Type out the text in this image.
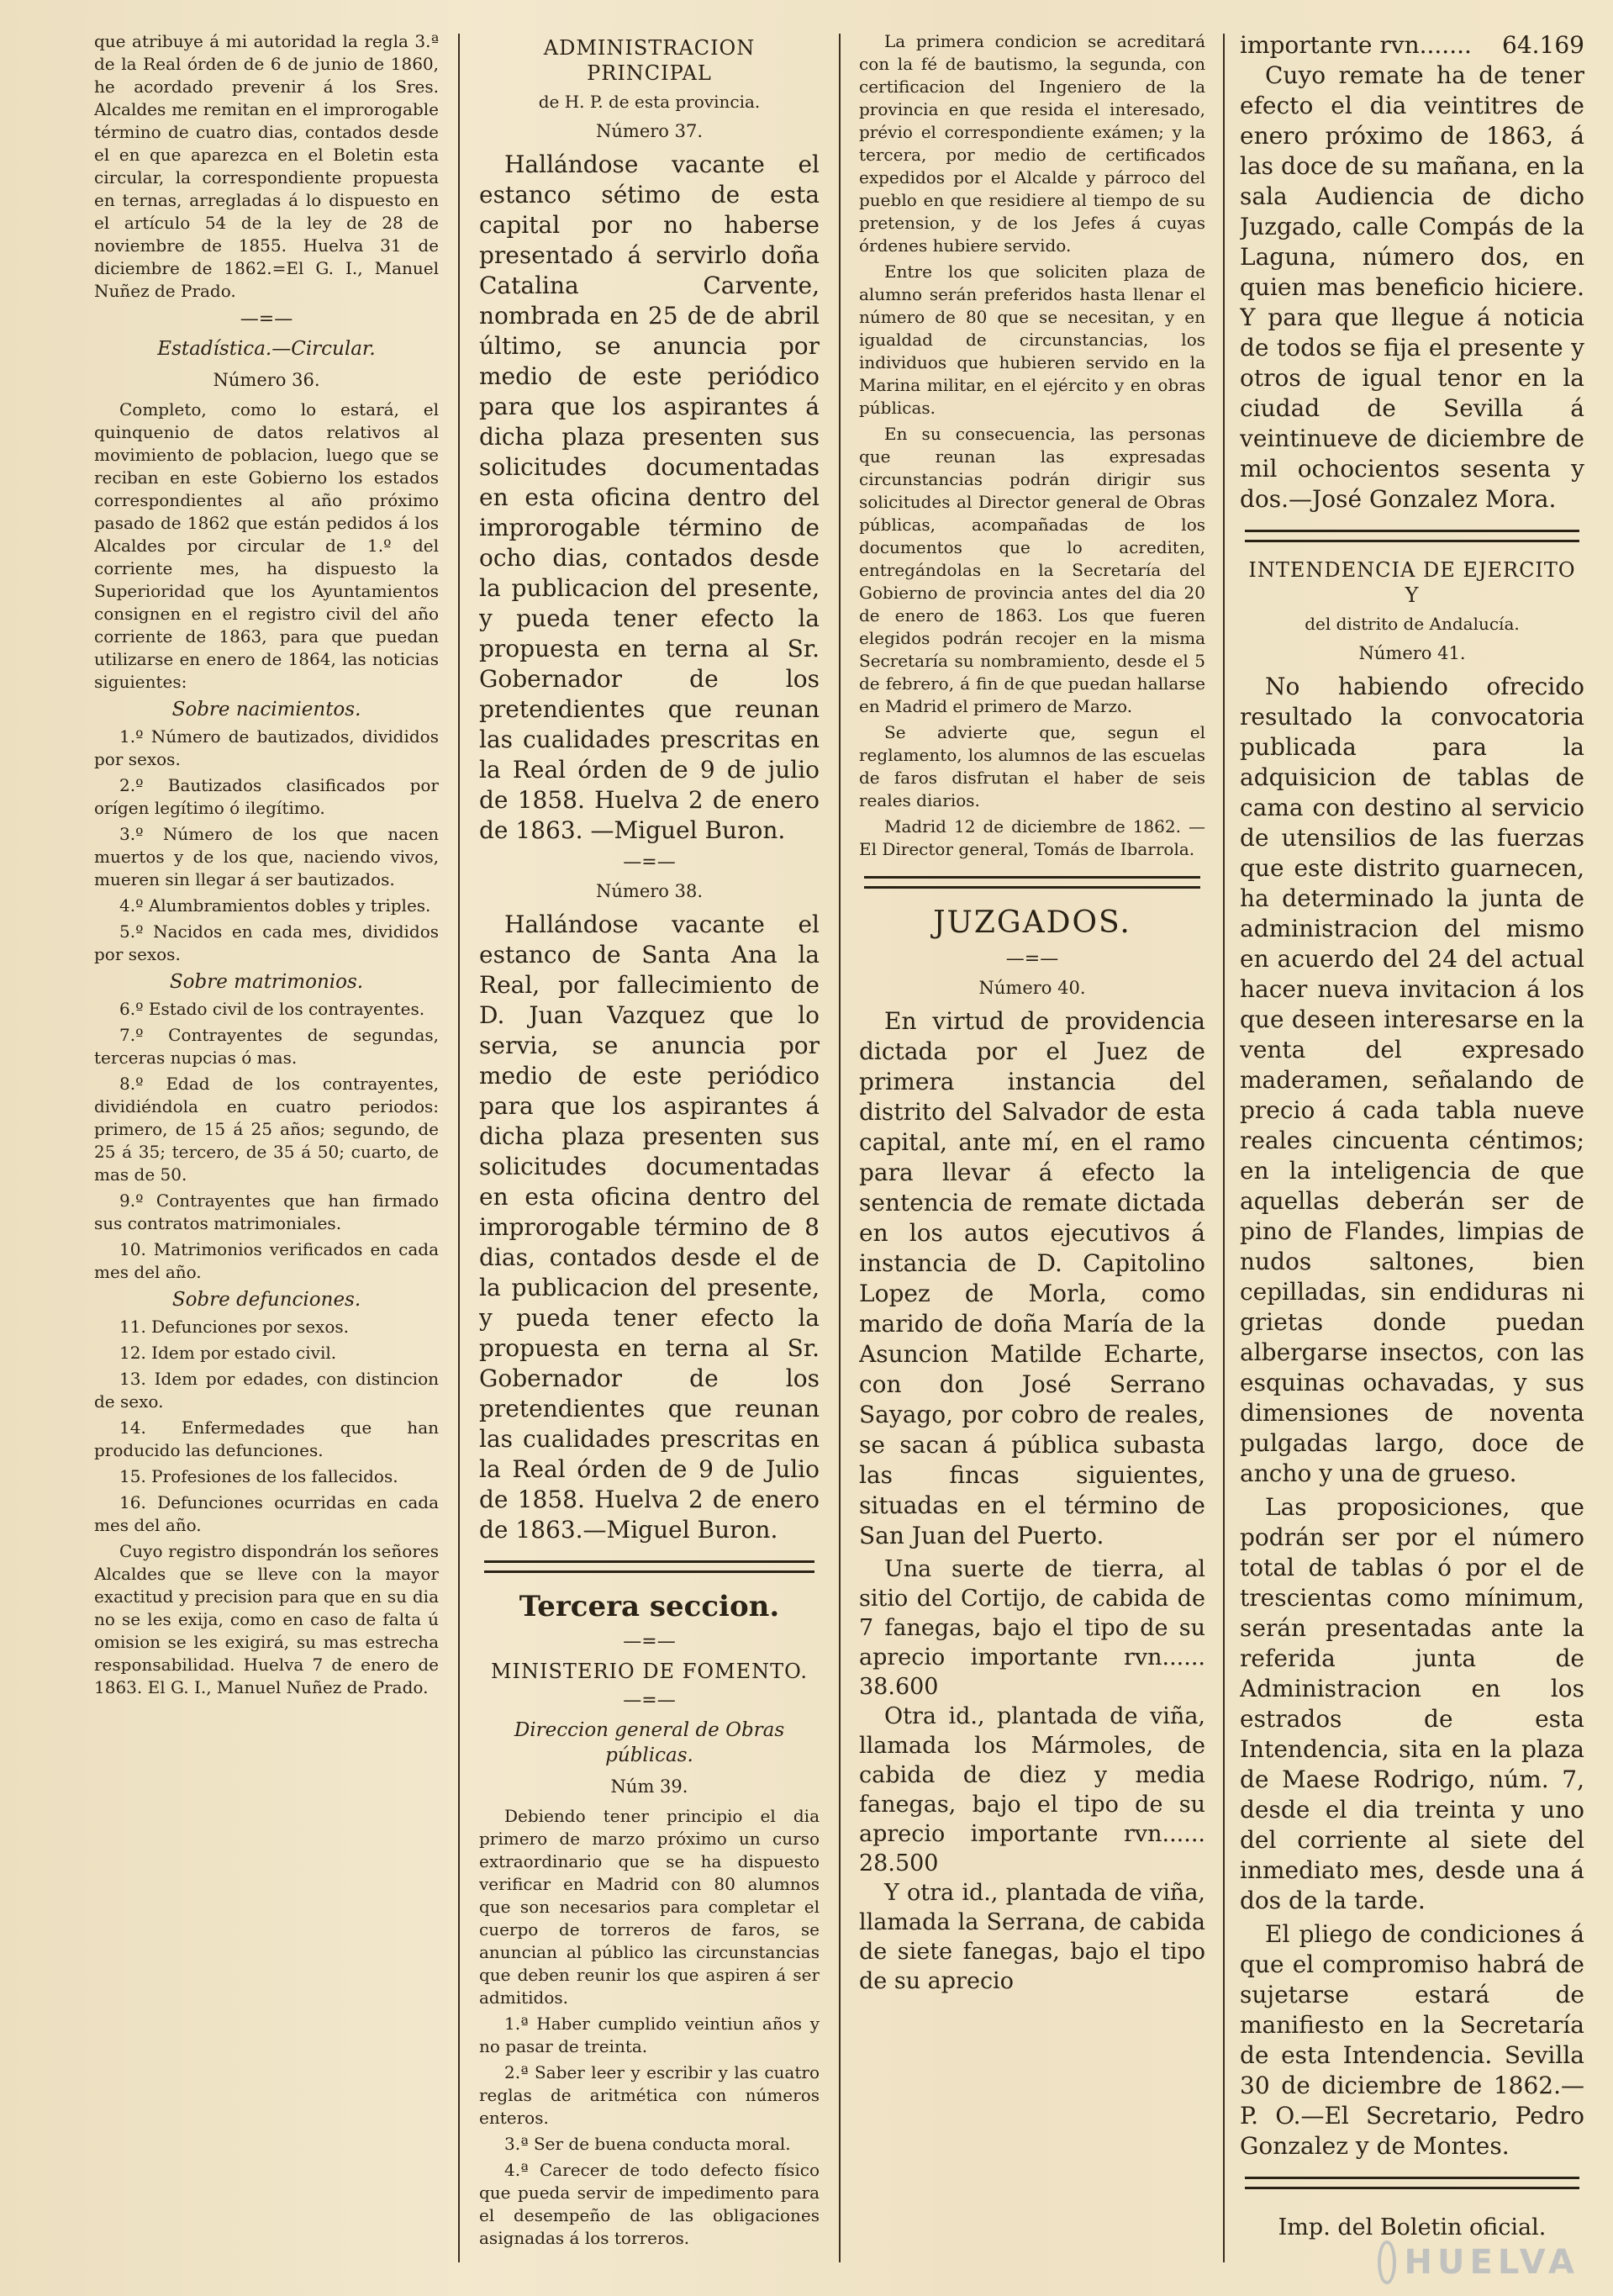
que atribuye á mi autoridad la regla 3.ª de la Real órden de 6 de junio de 1860, he acordado prevenir á los Sres. Alcaldes me remitan en el improrogable término de cuatro dias, contados desde el en que aparezca en el Boletin esta circular, la correspondiente propuesta en ternas, arregladas á lo dispuesto en el artículo 54 de la ley de 28 de noviembre de 1855. Huelva 31 de diciembre de 1862.=El G. I., Manuel Nuñez de Prado.

—=—

Estadística.—Circular.

Número 36.

Completo, como lo estará, el quinquenio de datos relativos al movimiento de poblacion, luego que se reciban en este Gobierno los estados correspondientes al año próximo pasado de 1862 que están pedidos á los Alcaldes por circular de 1.º del corriente mes, ha dispuesto la Superioridad que los Ayuntamientos consignen en el registro civil del año corriente de 1863, para que puedan utilizarse en enero de 1864, las noticias siguientes:

Sobre nacimientos.

1.º Número de bautizados, divididos por sexos.

2.º Bautizados clasificados por orígen legítimo ó ilegítimo.

3.º Número de los que nacen muertos y de los que, naciendo vivos, mueren sin llegar á ser bautizados.

4.º Alumbramientos dobles y triples.

5.º Nacidos en cada mes, divididos por sexos.

Sobre matrimonios.

6.º Estado civil de los contrayentes.

7.º Contrayentes de segundas, terceras nupcias ó mas.

8.º Edad de los contrayentes, dividiéndola en cuatro periodos: primero, de 15 á 25 años; segundo, de 25 á 35; tercero, de 35 á 50; cuarto, de mas de 50.

9.º Contrayentes que han firmado sus contratos matrimoniales.

10. Matrimonios verificados en cada mes del año.

Sobre defunciones.

11. Defunciones por sexos.

12. Idem por estado civil.

13. Idem por edades, con distincion de sexo.

14. Enfermedades que han producido las defunciones.

15. Profesiones de los fallecidos.

16. Defunciones ocurridas en cada mes del año.

Cuyo registro dispondrán los señores Alcaldes que se lleve con la mayor exactitud y precision para que en su dia no se les exija, como en caso de falta ú omision se les exigirá, su mas estrecha responsabilidad. Huelva 7 de enero de 1863. El G. I., Manuel Nuñez de Prado.

ADMINISTRACION PRINCIPAL

de H. P. de esta provincia.

Número 37.

Hallándose vacante el estanco sétimo de esta capital por no haberse presentado á servirlo doña Catalina Carvente, nombrada en 25 de de abril último, se anuncia por medio de este periódico para que los aspirantes á dicha plaza presenten sus solicitudes documentadas en esta oficina dentro del improrogable término de ocho dias, contados desde la publicacion del presente, y pueda tener efecto la propuesta en terna al Sr. Gobernador de los pretendientes que reunan las cualidades prescritas en la Real órden de 9 de julio de 1858. Huelva 2 de enero de 1863. —Miguel Buron.

—=—

Número 38.

Hallándose vacante el estanco de Santa Ana la Real, por fallecimiento de D. Juan Vazquez que lo servia, se anuncia por medio de este periódico para que los aspirantes á dicha plaza presenten sus solicitudes documentadas en esta oficina dentro del improrogable término de 8 dias, contados desde el de la publicacion del presente, y pueda tener efecto la propuesta en terna al Sr. Gobernador de los pretendientes que reunan las cualidades prescritas en la Real órden de 9 de Julio de 1858. Huelva 2 de enero de 1863.—Miguel Buron.

Tercera seccion.

—=—

MINISTERIO DE FOMENTO.

—=—

Direccion general de Obras públicas.

Núm 39.

Debiendo tener principio el dia primero de marzo próximo un curso extraordinario que se ha dispuesto verificar en Madrid con 80 alumnos que son necesarios para completar el cuerpo de torreros de faros, se anuncian al público las circunstancias que deben reunir los que aspiren á ser admitidos.

1.ª Haber cumplido veintiun años y no pasar de treinta.

2.ª Saber leer y escribir y las cuatro reglas de aritmética con números enteros.

3.ª Ser de buena conducta moral.

4.ª Carecer de todo defecto físico que pueda servir de impedimento para el desempeño de las obligaciones asignadas á los torreros.

La primera condicion se acreditará con la fé de bautismo, la segunda, con certificacion del Ingeniero de la provincia en que resida el interesado, prévio el correspondiente exámen; y la tercera, por medio de certificados expedidos por el Alcalde y párroco del pueblo en que residiere al tiempo de su pretension, y de los Jefes á cuyas órdenes hubiere servido.

Entre los que soliciten plaza de alumno serán preferidos hasta llenar el número de 80 que se necesitan, y en igualdad de circunstancias, los individuos que hubieren servido en la Marina militar, en el ejército y en obras públicas.

En su consecuencia, las personas que reunan las expresadas circunstancias podrán dirigir sus solicitudes al Director general de Obras públicas, acompañadas de los documentos que lo acrediten, entregándolas en la Secretaría del Gobierno de provincia antes del dia 20 de enero de 1863. Los que fueren elegidos podrán recojer en la misma Secretaría su nombramiento, desde el 5 de febrero, á fin de que puedan hallarse en Madrid el primero de Marzo.

Se advierte que, segun el reglamento, los alumnos de las escuelas de faros disfrutan el haber de seis reales diarios.

Madrid 12 de diciembre de 1862. —El Director general, Tomás de Ibarrola.

JUZGADOS.

—=—

Número 40.

En virtud de providencia dictada por el Juez de primera instancia del distrito del Salvador de esta capital, ante mí, en el ramo para llevar á efecto la sentencia de remate dictada en los autos ejecutivos á instancia de D. Capitolino Lopez de Morla, como marido de doña María de la Asuncion Matilde Echarte, con don José Serrano Sayago, por cobro de reales, se sacan á pública subasta las fincas siguientes, situadas en el término de San Juan del Puerto.

Una suerte de tierra, al sitio del Cortijo, de cabida de 7 fanegas, bajo el tipo de su aprecio importante rvn...... 38.600
Otra id., plantada de viña, llamada los Mármoles, de cabida de diez y media fanegas, bajo el tipo de su aprecio importante rvn...... 28.500

Y otra id., plantada de viña, llamada la Serrana, de cabida de siete fanegas, bajo el tipo de su aprecio

importante rvn....... 64.169

Cuyo remate ha de tener efecto el dia veintitres de enero próximo de 1863, á las doce de su mañana, en la sala Audiencia de dicho Juzgado, calle Compás de la Laguna, número dos, en quien mas beneficio hiciere. Y para que llegue á noticia de todos se fija el presente y otros de igual tenor en la ciudad de Sevilla á veintinueve de diciembre de mil ochocientos sesenta y dos.—José Gonzalez Mora.

INTENDENCIA DE EJERCITO Y

del distrito de Andalucía.

Número 41.

No habiendo ofrecido resultado la convocatoria publicada para la adquisicion de tablas de cama con destino al servicio de utensilios de las fuerzas que este distrito guarnecen, ha determinado la junta de administracion del mismo en acuerdo del 24 del actual hacer nueva invitacion á los que deseen interesarse en la venta del expresado maderamen, señalando de precio á cada tabla nueve reales cincuenta céntimos; en la inteligencia de que aquellas deberán ser de pino de Flandes, limpias de nudos saltones, bien cepilladas, sin endiduras ni grietas donde puedan albergarse insectos, con las esquinas ochavadas, y sus dimensiones de noventa pulgadas largo, doce de ancho y una de grueso.

Las proposiciones, que podrán ser por el número total de tablas ó por el de trescientas como mínimum, serán presentadas ante la referida junta de Administracion en los estrados de esta Intendencia, sita en la plaza de Maese Rodrigo, núm. 7, desde el dia treinta y uno del corriente al siete del inmediato mes, desde una á dos de la tarde.

El pliego de condiciones á que el compromiso habrá de sujetarse estará de manifiesto en la Secretaría de esta Intendencia. Sevilla 30 de diciembre de 1862.—P. O.—El Secretario, Pedro Gonzalez y de Montes.

Imp. del Boletin oficial.

HUELVA
